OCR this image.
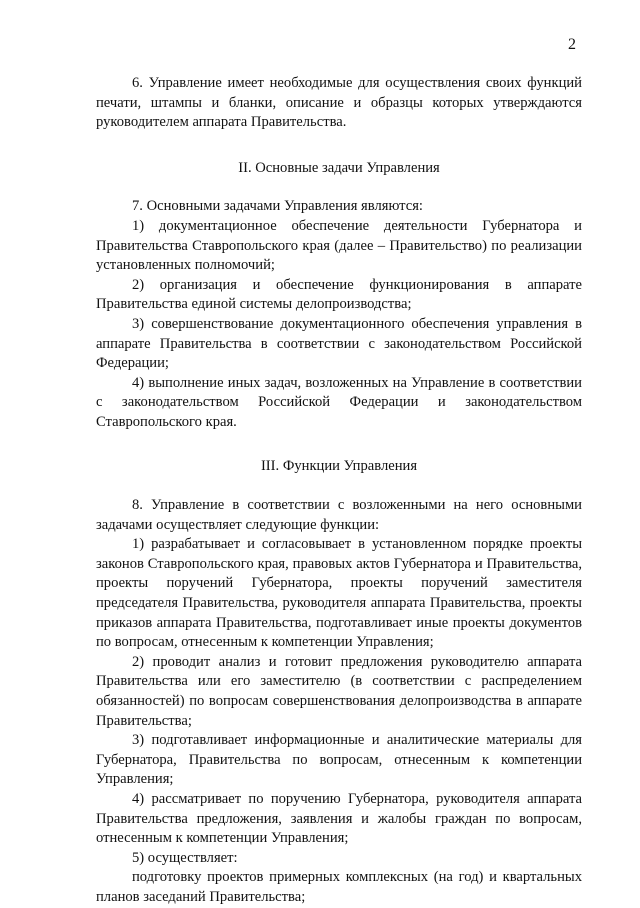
2

6. Управление имеет необходимые для осуществления своих функций печати, штампы и бланки, описание и образцы которых утверждаются руководителем аппарата Правительства.

II. Основные задачи Управления

7. Основными задачами Управления являются:

1) документационное обеспечение деятельности Губернатора и Правительства Ставропольского края (далее – Правительство) по реализации установленных полномочий;

2) организация и обеспечение функционирования в аппарате Правительства единой системы делопроизводства;

3) совершенствование документационного обеспечения управления в аппарате Правительства в соответствии с законодательством Российской Федерации;

4) выполнение иных задач, возложенных на Управление в соответствии с законодательством Российской Федерации и законодательством Ставропольского края.

III. Функции Управления

8. Управление в соответствии с возложенными на него основными задачами осуществляет следующие функции:

1) разрабатывает и согласовывает в установленном порядке проекты законов Ставропольского края, правовых актов Губернатора и Правительства, проекты поручений Губернатора, проекты поручений заместителя председателя Правительства, руководителя аппарата Правительства, проекты приказов аппарата Правительства, подготавливает иные проекты документов по вопросам, отнесенным к компетенции Управления;

2) проводит анализ и готовит предложения руководителю аппарата Правительства или его заместителю (в соответствии с распределением обязанностей) по вопросам совершенствования делопроизводства в аппарате Правительства;

3) подготавливает информационные и аналитические материалы для Губернатора, Правительства по вопросам, отнесенным к компетенции Управления;

4) рассматривает по поручению Губернатора, руководителя аппарата Правительства предложения, заявления и жалобы граждан по вопросам, отнесенным к компетенции Управления;

5) осуществляет:

подготовку проектов примерных комплексных (на год) и квартальных планов заседаний Правительства;
